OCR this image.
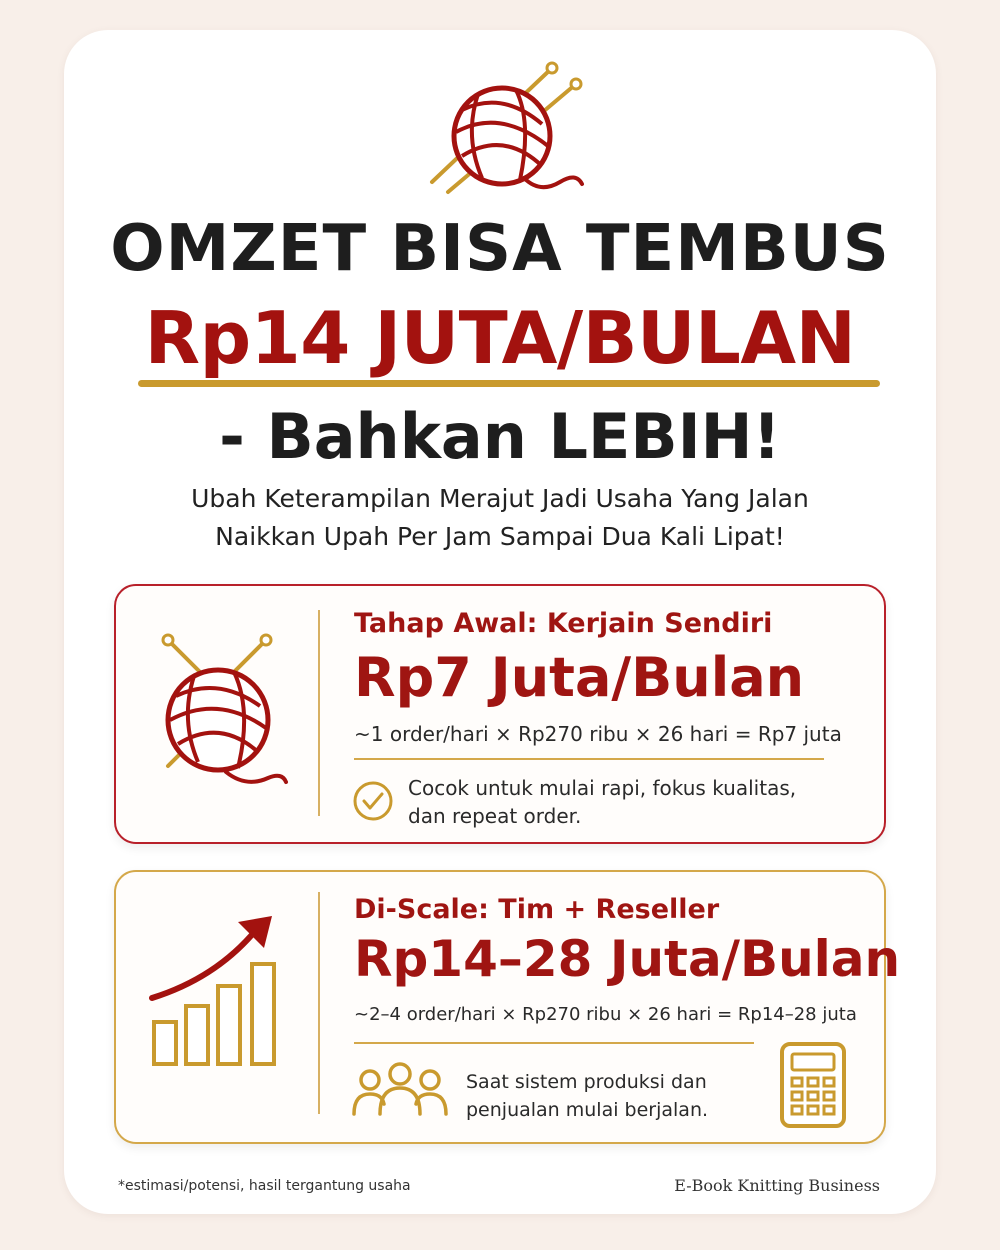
OMZET BISA TEMBUS
Rp14 JUTA/BULAN
- Bahkan LEBIH!
Ubah Keterampilan Merajut Jadi Usaha Yang Jalan
Naikkan Upah Per Jam Sampai Dua Kali Lipat!
Tahap Awal: Kerjain Sendiri
Rp7 Juta/Bulan
~1 order/hari × Rp270 ribu × 26 hari = Rp7 juta
Cocok untuk mulai rapi, fokus kualitas,
dan repeat order.
Di-Scale: Tim + Reseller
Rp14–28 Juta/Bulan
~2–4 order/hari × Rp270 ribu × 26 hari = Rp14–28 juta
Saat sistem produksi dan
penjualan mulai berjalan.
*estimasi/potensi, hasil tergantung usaha	E-Book Knitting Business
